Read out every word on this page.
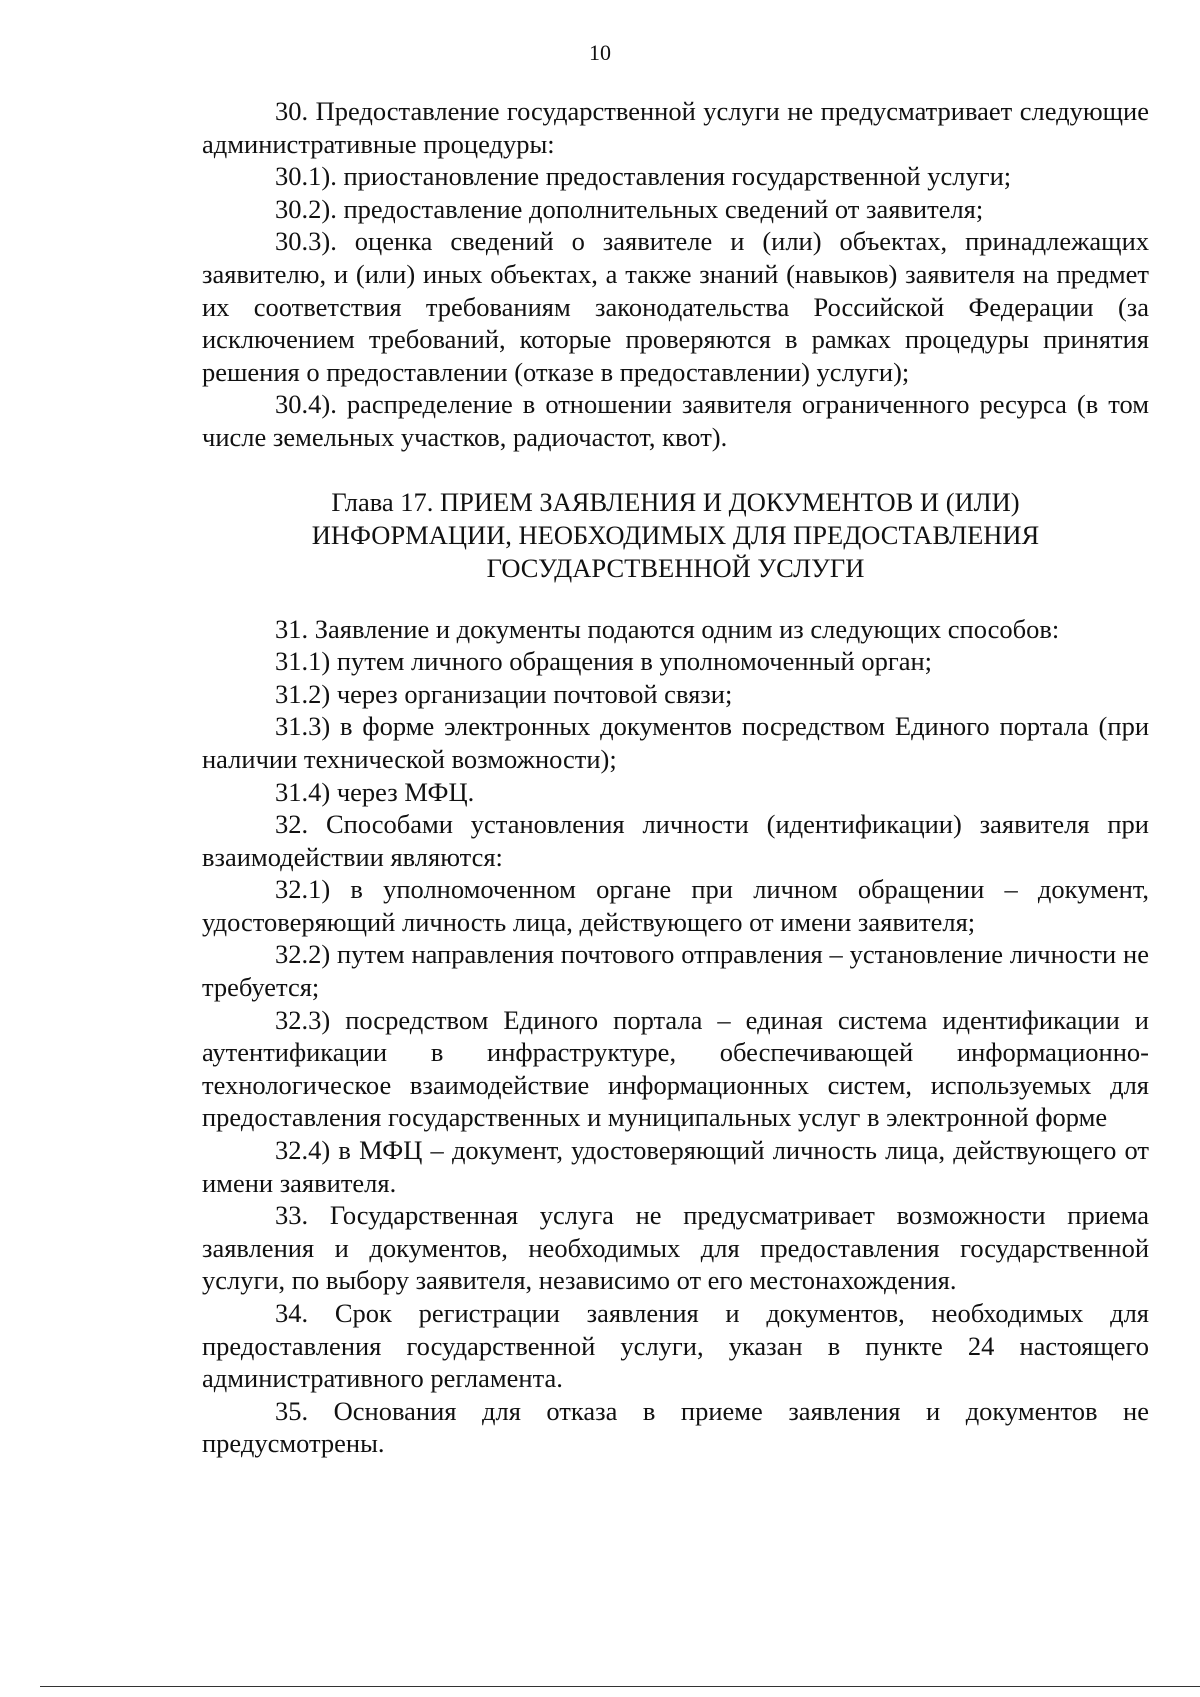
10

30. Предоставление государственной услуги не предусматривает следующие административные процедуры:

30.1). приостановление предоставления государственной услуги;

30.2). предоставление дополнительных сведений от заявителя;

30.3). оценка сведений о заявителе и (или) объектах, принадлежащих заявителю, и (или) иных объектах, а также знаний (навыков) заявителя на предмет их соответствия требованиям законодательства Российской Федерации (за исключением требований, которые проверяются в рамках процедуры принятия решения о предоставлении (отказе в предоставлении) услуги);

30.4). распределение в отношении заявителя ограниченного ресурса (в том числе земельных участков, радиочастот, квот).

Глава 17. ПРИЕМ ЗАЯВЛЕНИЯ И ДОКУМЕНТОВ И (ИЛИ)
ИНФОРМАЦИИ, НЕОБХОДИМЫХ ДЛЯ ПРЕДОСТАВЛЕНИЯ
ГОСУДАРСТВЕННОЙ УСЛУГИ

31. Заявление и документы подаются одним из следующих способов:

31.1) путем личного обращения в уполномоченный орган;

31.2) через организации почтовой связи;

31.3) в форме электронных документов посредством Единого портала (при наличии технической возможности);

31.4) через МФЦ.

32. Способами установления личности (идентификации) заявителя при взаимодействии являются:

32.1) в уполномоченном органе при личном обращении – документ, удостоверяющий личность лица, действующего от имени заявителя;

32.2) путем направления почтового отправления – установление личности не требуется;

32.3) посредством Единого портала – единая система идентификации и аутентификации в инфраструктуре, обеспечивающей информационно-технологическое взаимодействие информационных систем, используемых для предоставления государственных и муниципальных услуг в электронной форме

32.4) в МФЦ – документ, удостоверяющий личность лица, действующего от имени заявителя.

33. Государственная услуга не предусматривает возможности приема заявления и документов, необходимых для предоставления государственной услуги, по выбору заявителя, независимо от его местонахождения.

34. Срок регистрации заявления и документов, необходимых для предоставления государственной услуги, указан в пункте 24 настоящего административного регламента.

35. Основания для отказа в приеме заявления и документов не предусмотрены.
